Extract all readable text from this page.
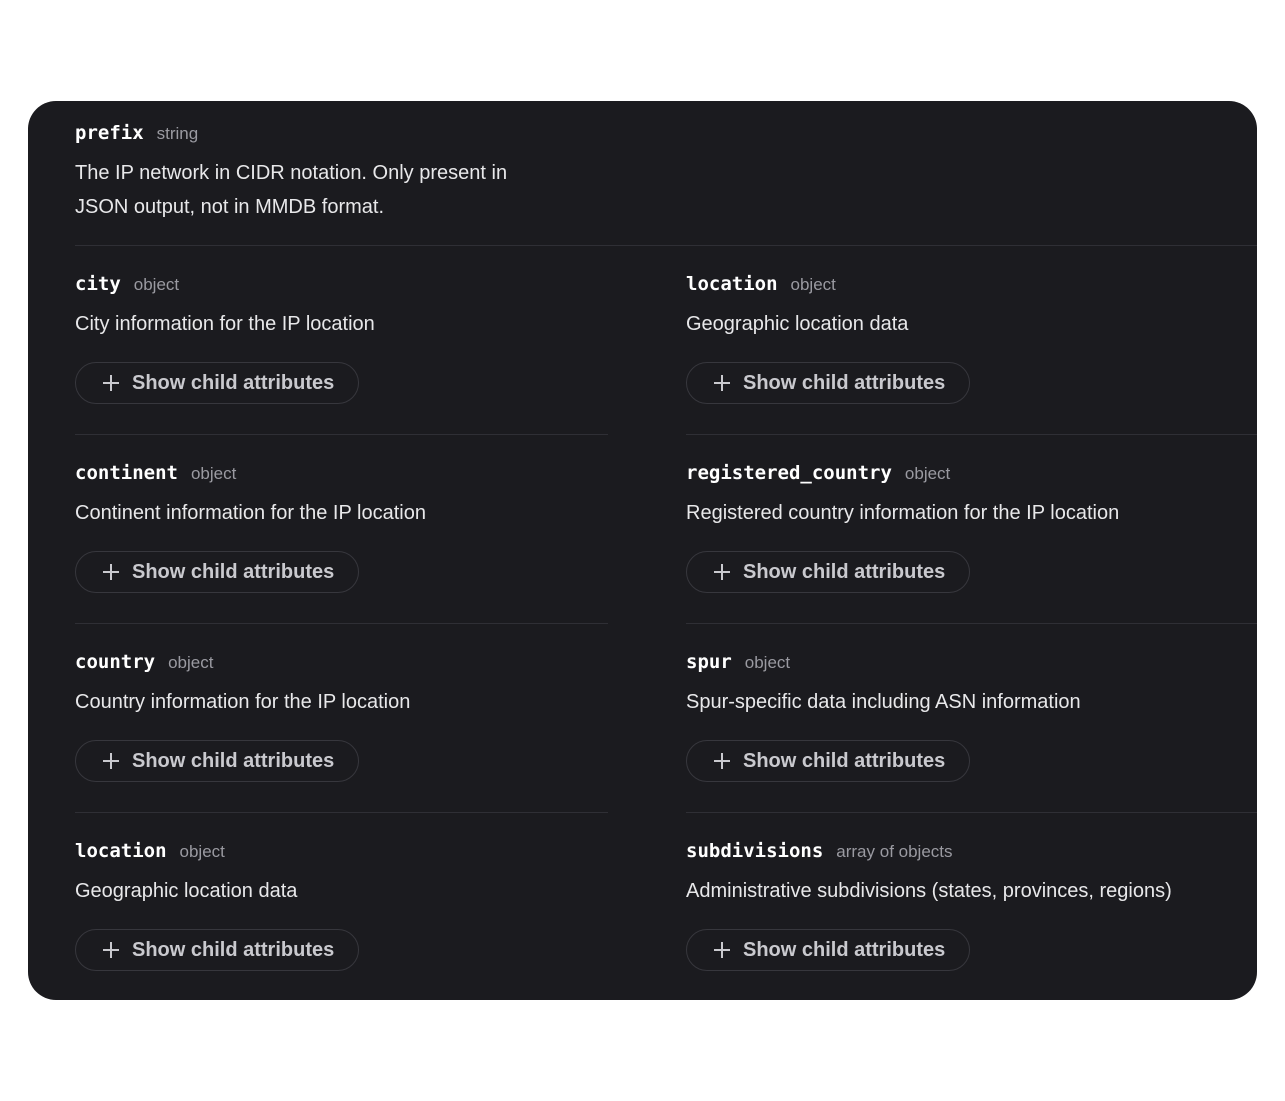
prefix string
The IP network in CIDR notation. Only present in
JSON output, not in MMDB format.
city object
City information for the IP location
Show child attributes
location object
Geographic location data
Show child attributes
continent object
Continent information for the IP location
Show child attributes
registered_country object
Registered country information for the IP location
Show child attributes
country object
Country information for the IP location
Show child attributes
spur object
Spur-specific data including ASN information
Show child attributes
location object
Geographic location data
Show child attributes
subdivisions array of objects
Administrative subdivisions (states, provinces, regions)
Show child attributes
